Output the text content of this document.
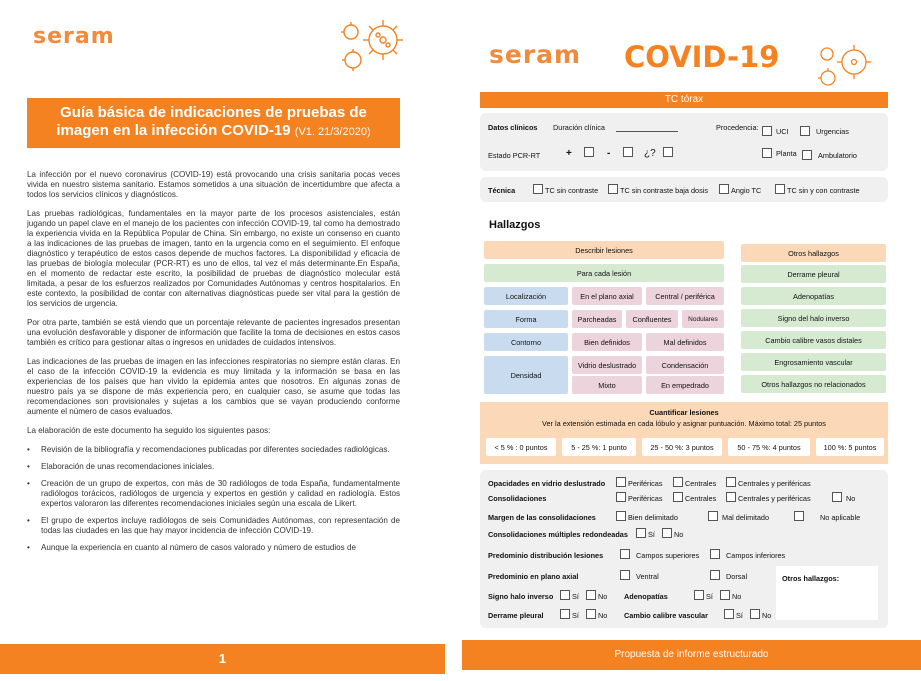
seram
Guía básica de indicaciones de pruebas de
imagen en la infección COVID-19 (V1. 21/3/2020)

La infección por el nuevo coronavirus (COVID-19) está provocando una crisis sanitaria pocas veces vivida en nuestro sistema sanitario. Estamos sometidos a una situación de incertidumbre que afecta a todos los servicios clínicos y diagnósticos.

Las pruebas radiológicas, fundamentales en la mayor parte de los procesos asistenciales, están jugando un papel clave en el manejo de los pacientes con infección COVID-19, tal como ha demostrado la experiencia vivida en la República Popular de China. Sin embargo, no existe un consenso en cuanto a las indicaciones de las pruebas de imagen, tanto en la urgencia como en el seguimiento. El enfoque diagnóstico y terapéutico de estos casos depende de muchos factores. La disponibilidad y eficacia de las pruebas de biología molecular (PCR-RT) es uno de ellos, tal vez el más determinante.En España, en el momento de redactar este escrito, la posibilidad de pruebas de diagnóstico molecular está limitada, a pesar de los esfuerzos realizados por Comunidades Autónomas y centros hospitalarios. En este contexto, la posibilidad de contar con alternativas diagnósticas puede ser vital para la gestión de los servicios de urgencia.

Por otra parte, también se está viendo que un porcentaje relevante de pacientes ingresados presentan una evolución desfavorable y disponer de información que facilite la toma de decisiones en estos casos también es crítico para gestionar altas o ingresos en unidades de cuidados intensivos.

Las indicaciones de las pruebas de imagen en las infecciones respiratorias no siempre están claras. En el caso de la infección COVID-19 la evidencia es muy limitada y la información se basa en las experiencias de los países que han vivido la epidemia antes que nosotros. En algunas zonas de nuestro país ya se dispone de más experiencia pero, en cualquier caso, se asume que todas las recomendaciones son provisionales y sujetas a los cambios que se vayan produciendo conforme aumente el número de casos evaluados.

La elaboración de este documento ha seguido los siguientes pasos:

• Revisión de la bibliografía y recomendaciones publicadas por diferentes sociedades radiológicas.
• Elaboración de unas recomendaciones iniciales.
• Creación de un grupo de expertos, con más de 30 radiólogos de toda España, fundamentalmente radiólogos torácicos, radiólogos de urgencia y expertos en gestión y calidad en radiología. Estos expertos valoraron las diferentes recomendaciones iniciales según una escala de Likert.
• El grupo de expertos incluye radiólogos de seis Comunidades Autónomas, con representación de todas las ciudades en las que hay mayor incidencia de infección COVID-19.
• Aunque la experiencia en cuanto al número de casos valorado y número de estudios de
1
seram COVID-19
TC tórax
Datos clínicos Duración clínica	Procedencia: UCI	Urgencias
Planta	Ambulatorio
Estado PCR-RT	+	-	¿?
Técnica	TC sin contraste	TC sin contraste baja dosis	Angio TC	TC sin y con contraste
Hallazgos
Describir lesiones
Para cada lesión
Localización	En el plano axial	Central / periférica
Forma	Parcheadas	Confluentes	Nodulares
Contorno	Bien definidos	Mal definidos
Densidad
Vidrio deslustrado	Condensación
Mixto	En empedrado
Otros hallazgos
Derrame pleural
Adenopatías
Signo del halo inverso
Cambio calibre vasos distales
Engrosamiento vascular
Otros hallazgos no relacionados
Cuantificar lesiones
Ver la extensión estimada en cada lóbulo y asignar puntuación. Máximo total: 25 puntos
< 5 % : 0 puntos	5 - 25 %: 1 punto	25 - 50 %: 3 puntos	50 - 75 %: 4 puntos	100 %: 5 puntos
Opacidades en vidrio deslustrado	Periféricas	Centrales	Centrales y periféricas
Consolidaciones	Periféricas	Centrales	Centrales y periféricas	No
Margen de las consolidaciones	Bien delimitado	Mal delimitado	No aplicable
Consolidaciones múltiples redondeadas	Sí	No
Predominio distribución lesiones	Campos superiores	Campos inferiores
Predominio en plano axial	Ventral	Dorsal	Otros hallazgos:
Signo halo inverso	Sí	No Adenopatías	Sí	No
Derrame pleural	Sí	No Cambio calibre vascular	Sí	No
Propuesta de informe estructurado
